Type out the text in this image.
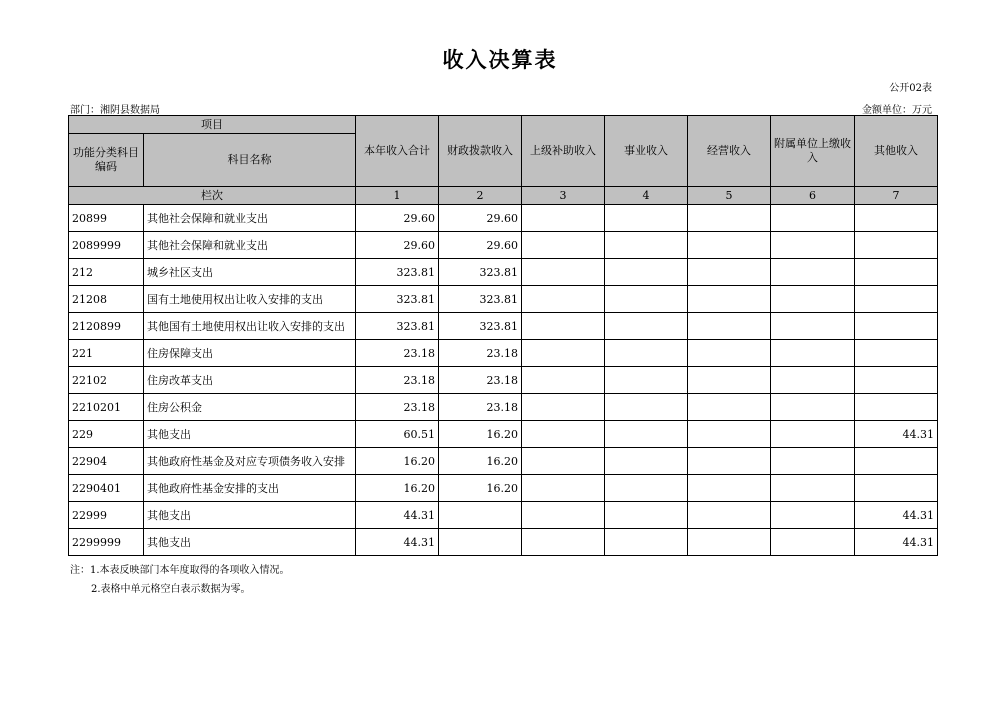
收入决算表
公开02表
部门：湘阴县数据局	金额单位：万元
项目		本年收入合计	财政拨款收入	上级补助收入	事业收入	经营收入	附属单位上缴收入	其他收入
功能分类科目编码	科目名称							
栏次		1	2	3	4	5	6	7
20899	其他社会保障和就业支出	29.60	29.60					
2089999	其他社会保障和就业支出	29.60	29.60					
212	城乡社区支出	323.81	323.81					
21208	国有土地使用权出让收入安排的支出	323.81	323.81					
2120899	其他国有土地使用权出让收入安排的支出	323.81	323.81					
221	住房保障支出	23.18	23.18					
22102	住房改革支出	23.18	23.18					
2210201	住房公积金	23.18	23.18					
229	其他支出	60.51	16.20					44.31
22904	其他政府性基金及对应专项债务收入安排	16.20	16.20					
2290401	其他政府性基金安排的支出	16.20	16.20					
22999	其他支出	44.31						44.31
2299999	其他支出	44.31						44.31
注：1.本表反映部门本年度取得的各项收入情况。
2.表格中单元格空白表示数据为零。
